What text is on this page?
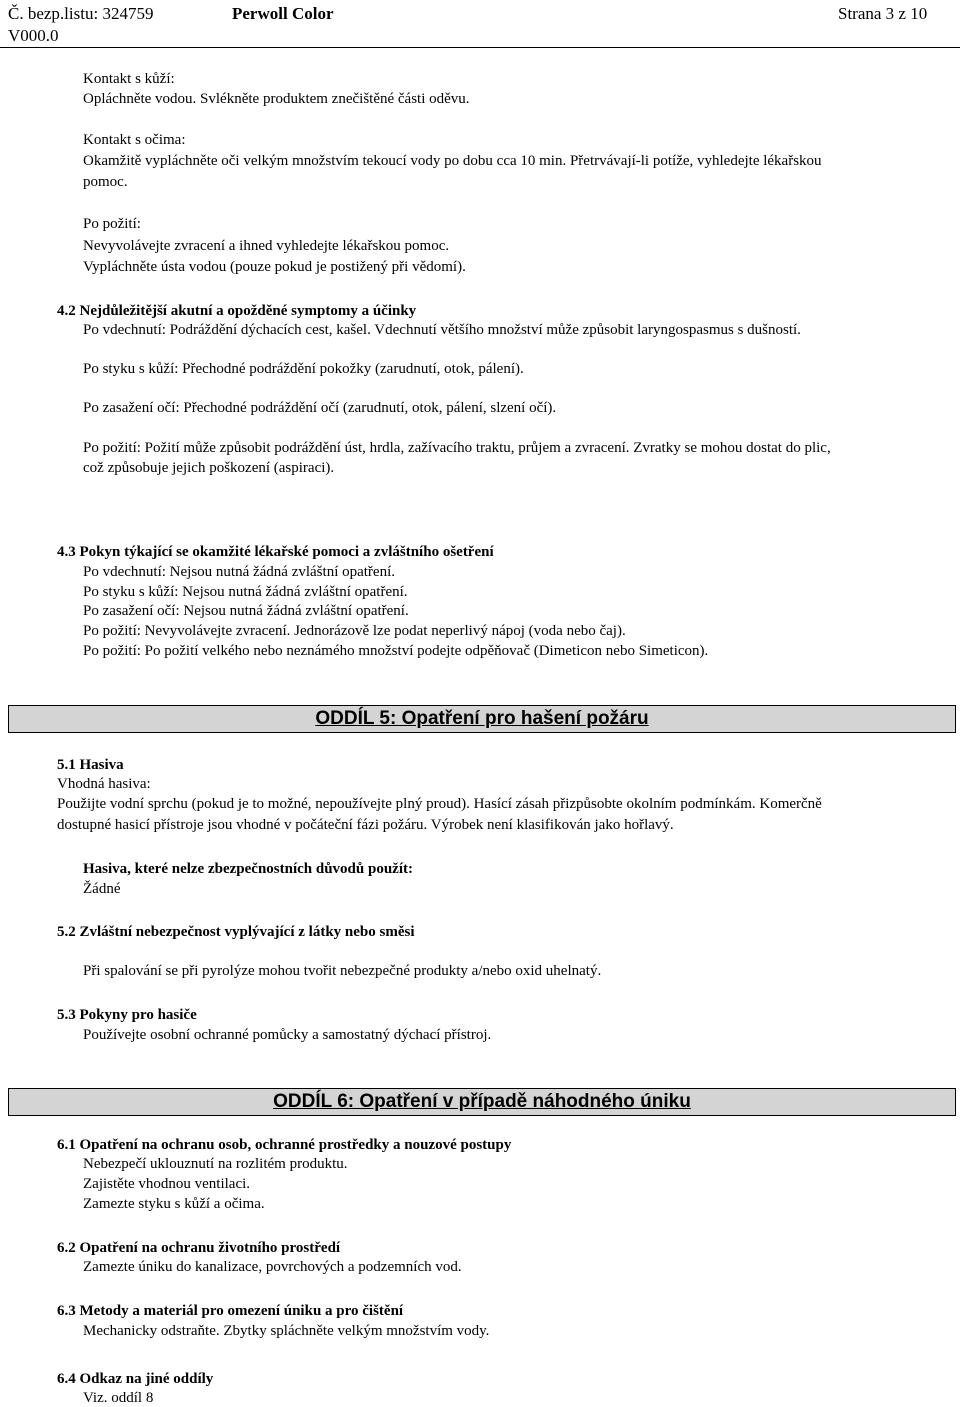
Č. bezp.listu: 324759	Perwoll Color	Strana 3 z 10
V000.0
Kontakt s kůží:
Opláchněte vodou. Svlékněte produktem znečištěné části oděvu.
Kontakt s očima:
Okamžitě vypláchněte oči velkým množstvím tekoucí vody po dobu cca 10 min. Přetrvávají-li potíže, vyhledejte lékařskou
pomoc.
Po požití:
Nevyvolávejte zvracení a ihned vyhledejte lékařskou pomoc.
Vypláchněte ústa vodou (pouze pokud je postižený při vědomí).
4.2 Nejdůležitější akutní a opožděné symptomy a účinky
Po vdechnutí: Podráždění dýchacích cest, kašel. Vdechnutí většího množství může způsobit laryngospasmus s dušností.
Po styku s kůží: Přechodné podráždění pokožky (zarudnutí, otok, pálení).
Po zasažení očí: Přechodné podráždění očí (zarudnutí, otok, pálení, slzení očí).
Po požití: Požití může způsobit podráždění úst, hrdla, zažívacího traktu, průjem a zvracení. Zvratky se mohou dostat do plic,
což způsobuje jejich poškození (aspiraci).
4.3 Pokyn týkající se okamžité lékařské pomoci a zvláštního ošetření
Po vdechnutí: Nejsou nutná žádná zvláštní opatření.
Po styku s kůží: Nejsou nutná žádná zvláštní opatření.
Po zasažení očí: Nejsou nutná žádná zvláštní opatření.
Po požití: Nevyvolávejte zvracení. Jednorázově lze podat neperlivý nápoj (voda nebo čaj).
Po požití: Po požití velkého nebo neznámého množství podejte odpěňovač (Dimeticon nebo Simeticon).
ODDÍL 5: Opatření pro hašení požáru
5.1 Hasiva
Vhodná hasiva:
Použijte vodní sprchu (pokud je to možné, nepoužívejte plný proud). Hasící zásah přizpůsobte okolním podmínkám. Komerčně
dostupné hasicí přístroje jsou vhodné v počáteční fázi požáru. Výrobek není klasifikován jako hořlavý.
Hasiva, které nelze zbezpečnostních důvodů použít:
Žádné
5.2 Zvláštní nebezpečnost vyplývající z látky nebo směsi
Při spalování se při pyrolýze mohou tvořit nebezpečné produkty a/nebo oxid uhelnatý.
5.3 Pokyny pro hasiče
Používejte osobní ochranné pomůcky a samostatný dýchací přístroj.
ODDÍL 6: Opatření v případě náhodného úniku
6.1 Opatření na ochranu osob, ochranné prostředky a nouzové postupy
Nebezpečí uklouznutí na rozlitém produktu.
Zajistěte vhodnou ventilaci.
Zamezte styku s kůží a očima.
6.2 Opatření na ochranu životního prostředí
Zamezte úniku do kanalizace, povrchových a podzemních vod.
6.3 Metody a materiál pro omezení úniku a pro čištění
Mechanicky odstraňte. Zbytky spláchněte velkým množstvím vody.
6.4 Odkaz na jiné oddíly
Viz. oddíl 8
